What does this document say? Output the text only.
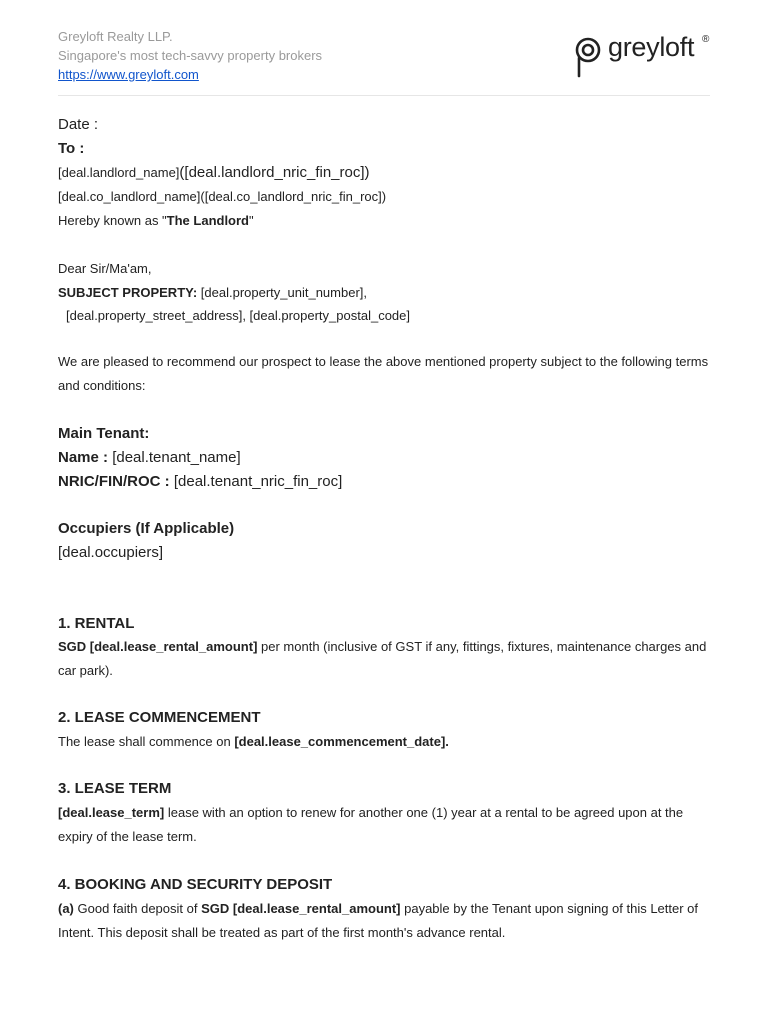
Greyloft Realty LLP.
Singapore's most tech-savvy property brokers
https://www.greyloft.com
greyloft ®
Date :
To :
[deal.landlord_name]([deal.landlord_nric_fin_roc])
[deal.co_landlord_name]([deal.co_landlord_nric_fin_roc])
Hereby known as "The Landlord"
Dear Sir/Ma'am,
SUBJECT PROPERTY: [deal.property_unit_number],
[deal.property_street_address], [deal.property_postal_code]
We are pleased to recommend our prospect to lease the above mentioned property subject to the following terms and conditions:
Main Tenant:
Name : [deal.tenant_name]
NRIC/FIN/ROC : [deal.tenant_nric_fin_roc]
Occupiers (If Applicable)
[deal.occupiers]
1. RENTAL
SGD [deal.lease_rental_amount] per month (inclusive of GST if any, fittings, fixtures, maintenance charges and car park).
2. LEASE COMMENCEMENT
The lease shall commence on [deal.lease_commencement_date].
3. LEASE TERM
[deal.lease_term] lease with an option to renew for another one (1) year at a rental to be agreed upon at the expiry of the lease term.
4. BOOKING AND SECURITY DEPOSIT
(a) Good faith deposit of SGD [deal.lease_rental_amount] payable by the Tenant upon signing of this Letter of Intent. This deposit shall be treated as part of the first month's advance rental.
